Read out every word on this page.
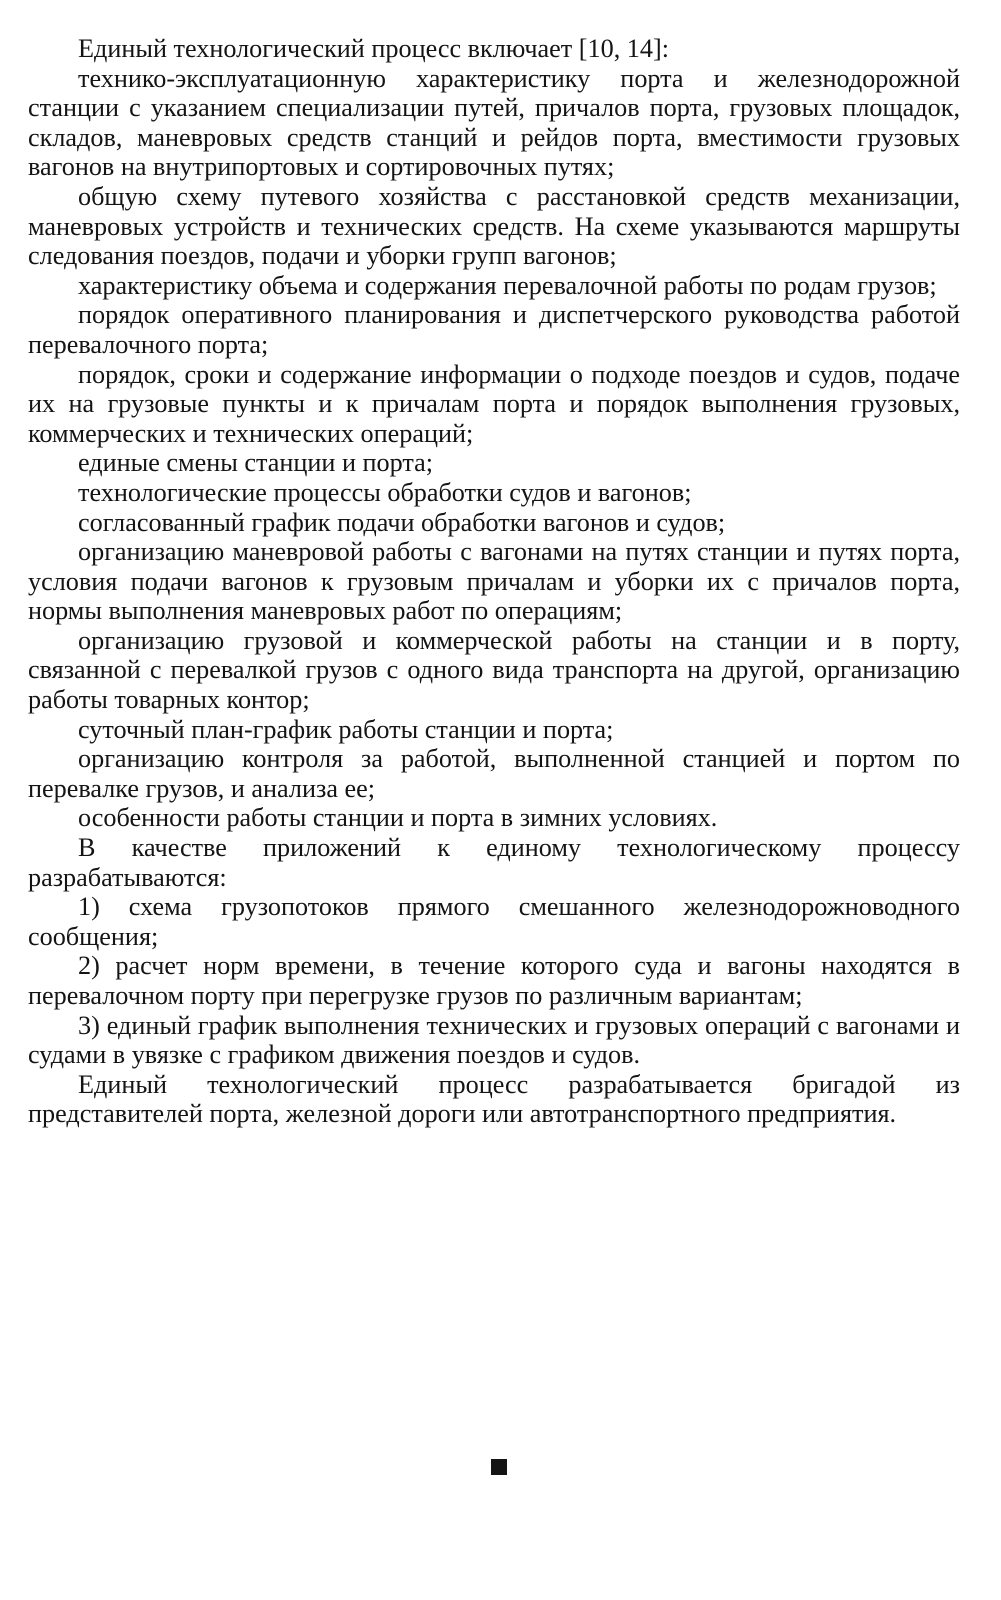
Единый технологический процесс включает [10, 14]:

технико-эксплуатационную характеристику порта и железнодорожной станции с указанием специализации путей, причалов порта, грузовых площадок, складов, маневровых средств станций и рейдов порта, вместимости грузовых вагонов на внутрипортовых и сортировочных путях;

общую схему путевого хозяйства с расстановкой средств механизации, маневровых устройств и технических средств. На схеме указываются маршруты следования поездов, подачи и уборки групп вагонов;

характеристику объема и содержания перевалочной работы по родам грузов;

порядок оперативного планирования и диспетчерского руководства работой перевалочного порта;

порядок, сроки и содержание информации о подходе поездов и судов, подаче их на грузовые пункты и к причалам порта и порядок выполнения грузовых, коммерческих и технических операций;

единые смены станции и порта;

технологические процессы обработки судов и вагонов;

согласованный график подачи обработки вагонов и судов;

организацию маневровой работы с вагонами на путях станции и путях порта, условия подачи вагонов к грузовым причалам и уборки их с причалов порта, нормы выполнения маневровых работ по операциям;

организацию грузовой и коммерческой работы на станции и в порту, связанной с перевалкой грузов с одного вида транспорта на другой, организацию работы товарных контор;

суточный план-график работы станции и порта;

организацию контроля за работой, выполненной станцией и портом по перевалке грузов, и анализа ее;

особенности работы станции и порта в зимних условиях.

В качестве приложений к единому технологическому процессу разрабатываются:

1) схема грузопотоков прямого смешанного железнодорожноводного сообщения;

2) расчет норм времени, в течение которого суда и вагоны находятся в перевалочном порту при перегрузке грузов по различным вариантам;

3) единый график выполнения технических и грузовых операций с вагонами и судами в увязке с графиком движения поездов и судов.

Единый технологический процесс разрабатывается бригадой из представителей порта, железной дороги или автотранспортного предприятия.
